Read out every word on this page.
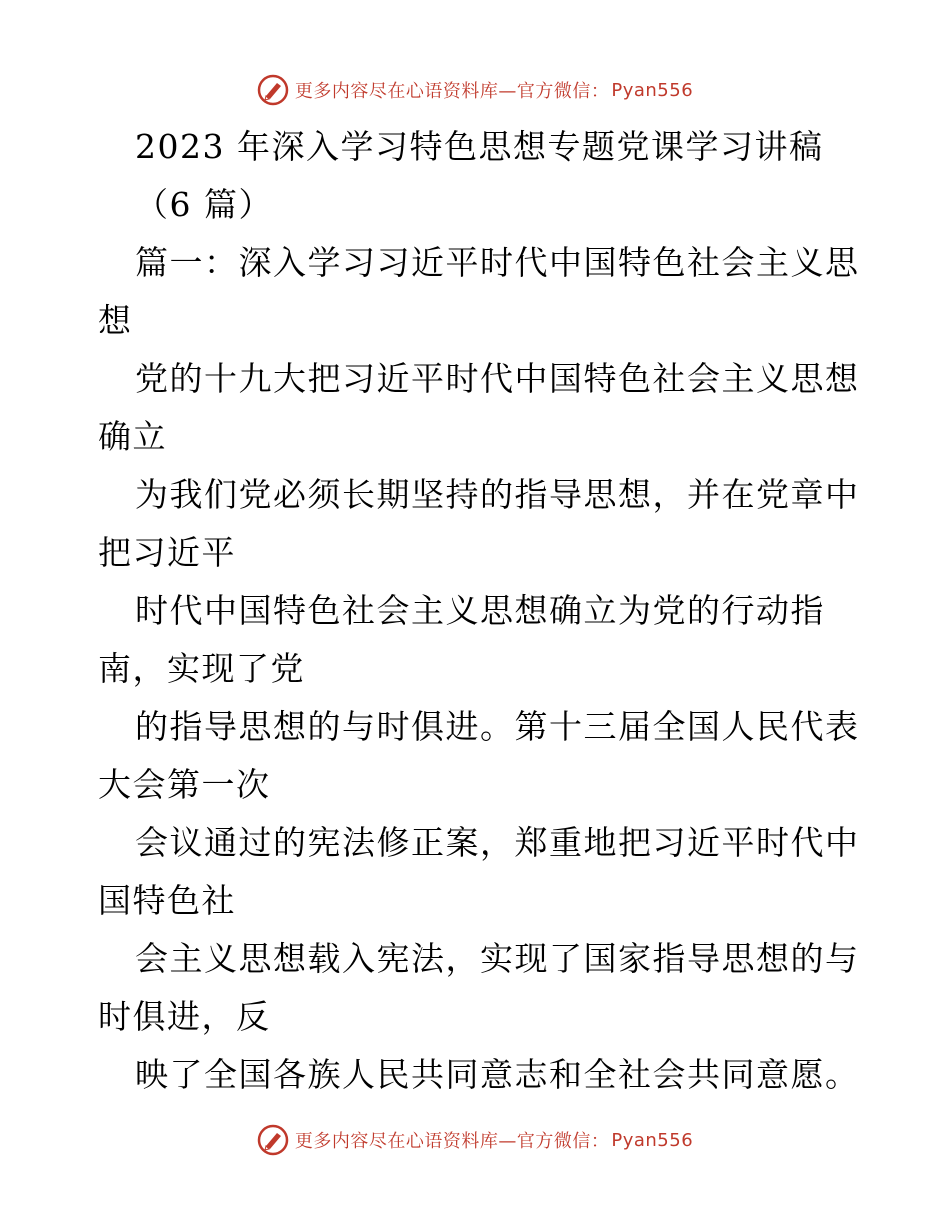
更多内容尽在心语资料库—官方微信： Pyan556
2023 年深入学习特色思想专题党课学习讲稿
（6 篇）
篇一：深入学习习近平时代中国特色社会主义思
想
党的十九大把习近平时代中国特色社会主义思想
确立
为我们党必须长期坚持的指导思想，并在党章中
把习近平
时代中国特色社会主义思想确立为党的行动指
南，实现了党
的指导思想的与时俱进。第十三届全国人民代表
大会第一次
会议通过的宪法修正案，郑重地把习近平时代中
国特色社
会主义思想载入宪法，实现了国家指导思想的与
时俱进，反
映了全国各族人民共同意志和全社会共同意愿。
更多内容尽在心语资料库—官方微信： Pyan556
